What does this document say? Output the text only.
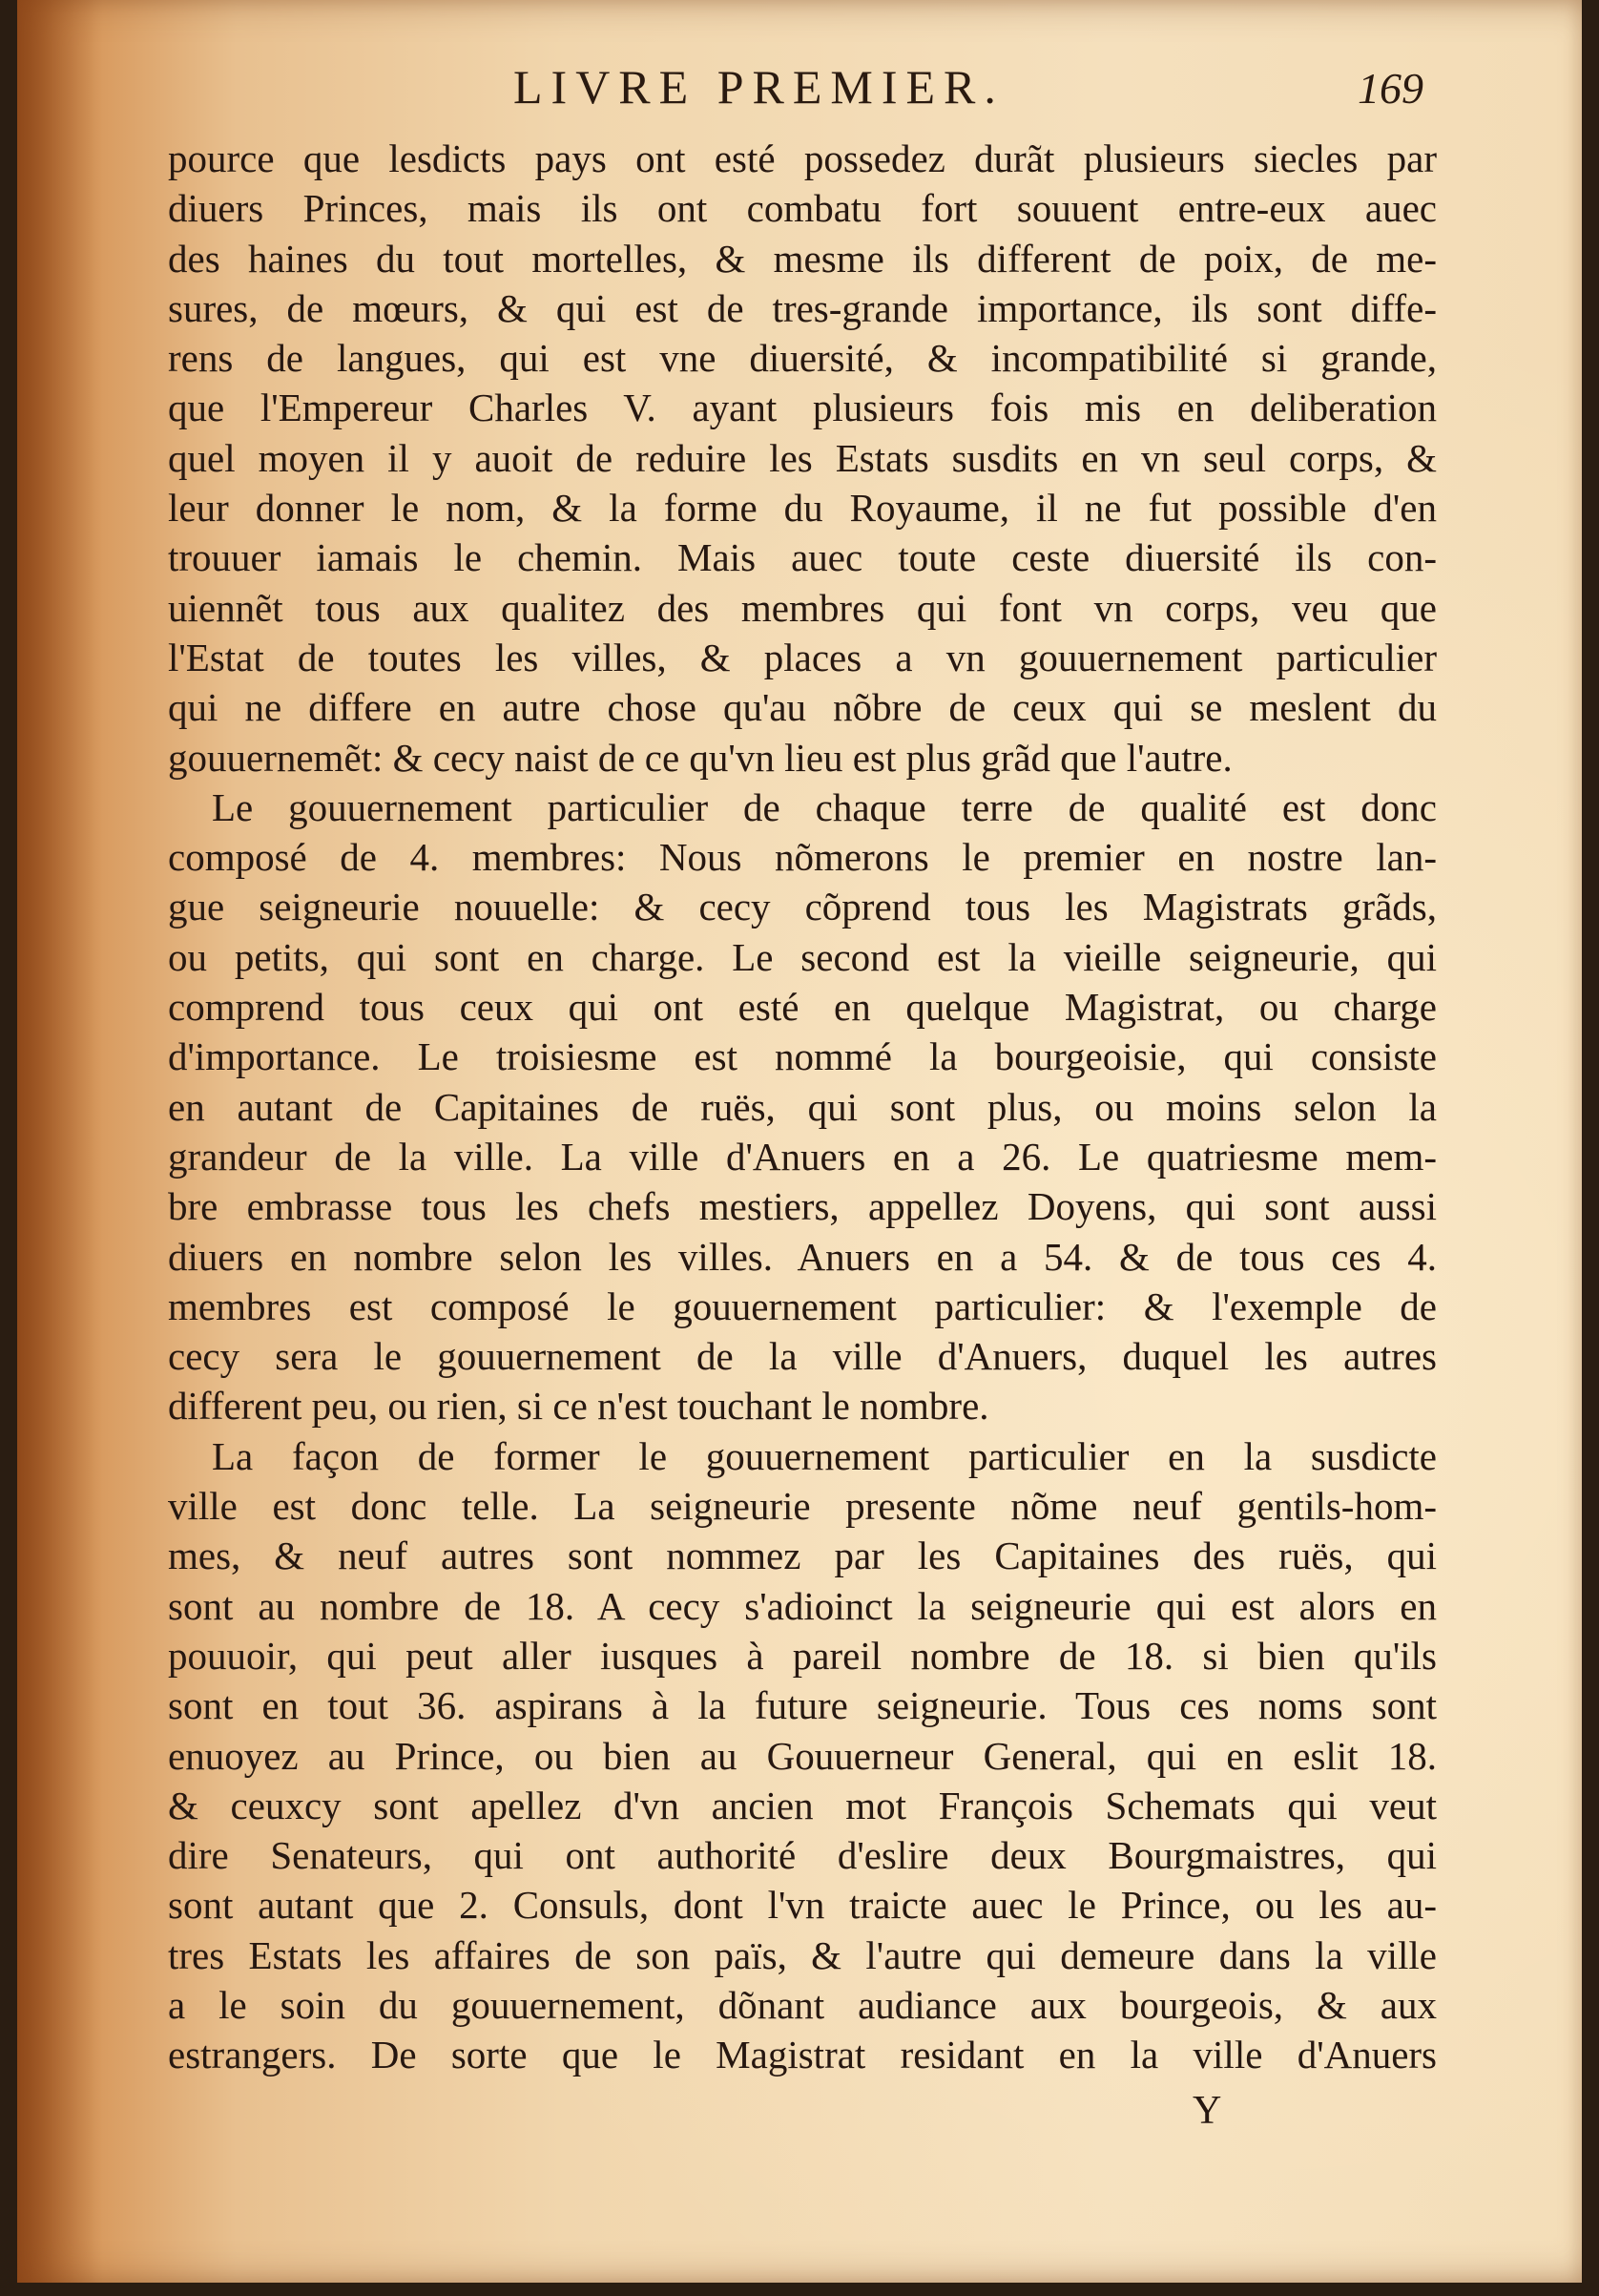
LIVRE PREMIER.	169
pource que lesdicts pays ont esté possedez durãt plusieurs siecles par
diuers Princes, mais ils ont combatu fort souuent entre-eux auec
des haines du tout mortelles, & mesme ils different de poix, de me-
sures, de mœurs, & qui est de tres-grande importance, ils sont diffe-
rens de langues, qui est vne diuersité, & incompatibilité si grande,
que l'Empereur Charles V. ayant plusieurs fois mis en deliberation
quel moyen il y auoit de reduire les Estats susdits en vn seul corps, &
leur donner le nom, & la forme du Royaume, il ne fut possible d'en
trouuer iamais le chemin. Mais auec toute ceste diuersité ils con-
uiennẽt tous aux qualitez des membres qui font vn corps, veu que
l'Estat de toutes les villes, & places a vn gouuernement particulier
qui ne differe en autre chose qu'au nõbre de ceux qui se meslent du
gouuernemẽt: & cecy naist de ce qu'vn lieu est plus grãd que l'autre.
Le gouuernement particulier de chaque terre de qualité est donc
composé de 4. membres: Nous nõmerons le premier en nostre lan-
gue seigneurie nouuelle: & cecy cõprend tous les Magistrats grãds,
ou petits, qui sont en charge. Le second est la vieille seigneurie, qui
comprend tous ceux qui ont esté en quelque Magistrat, ou charge
d'importance. Le troisiesme est nommé la bourgeoisie, qui consiste
en autant de Capitaines de ruës, qui sont plus, ou moins selon la
grandeur de la ville. La ville d'Anuers en a 26. Le quatriesme mem-
bre embrasse tous les chefs mestiers, appellez Doyens, qui sont aussi
diuers en nombre selon les villes. Anuers en a 54. & de tous ces 4.
membres est composé le gouuernement particulier: & l'exemple de
cecy sera le gouuernement de la ville d'Anuers, duquel les autres
different peu, ou rien, si ce n'est touchant le nombre.
La façon de former le gouuernement particulier en la susdicte
ville est donc telle. La seigneurie presente nõme neuf gentils-hom-
mes, & neuf autres sont nommez par les Capitaines des ruës, qui
sont au nombre de 18. A cecy s'adioinct la seigneurie qui est alors en
pouuoir, qui peut aller iusques à pareil nombre de 18. si bien qu'ils
sont en tout 36. aspirans à la future seigneurie. Tous ces noms sont
enuoyez au Prince, ou bien au Gouuerneur General, qui en eslit 18.
& ceuxcy sont apellez d'vn ancien mot François Schemats qui veut
dire Senateurs, qui ont authorité d'eslire deux Bourgmaistres, qui
sont autant que 2. Consuls, dont l'vn traicte auec le Prince, ou les au-
tres Estats les affaires de son païs, & l'autre qui demeure dans la ville
a le soin du gouuernement, dõnant audiance aux bourgeois, & aux
estrangers. De sorte que le Magistrat residant en la ville d'Anuers
Y
